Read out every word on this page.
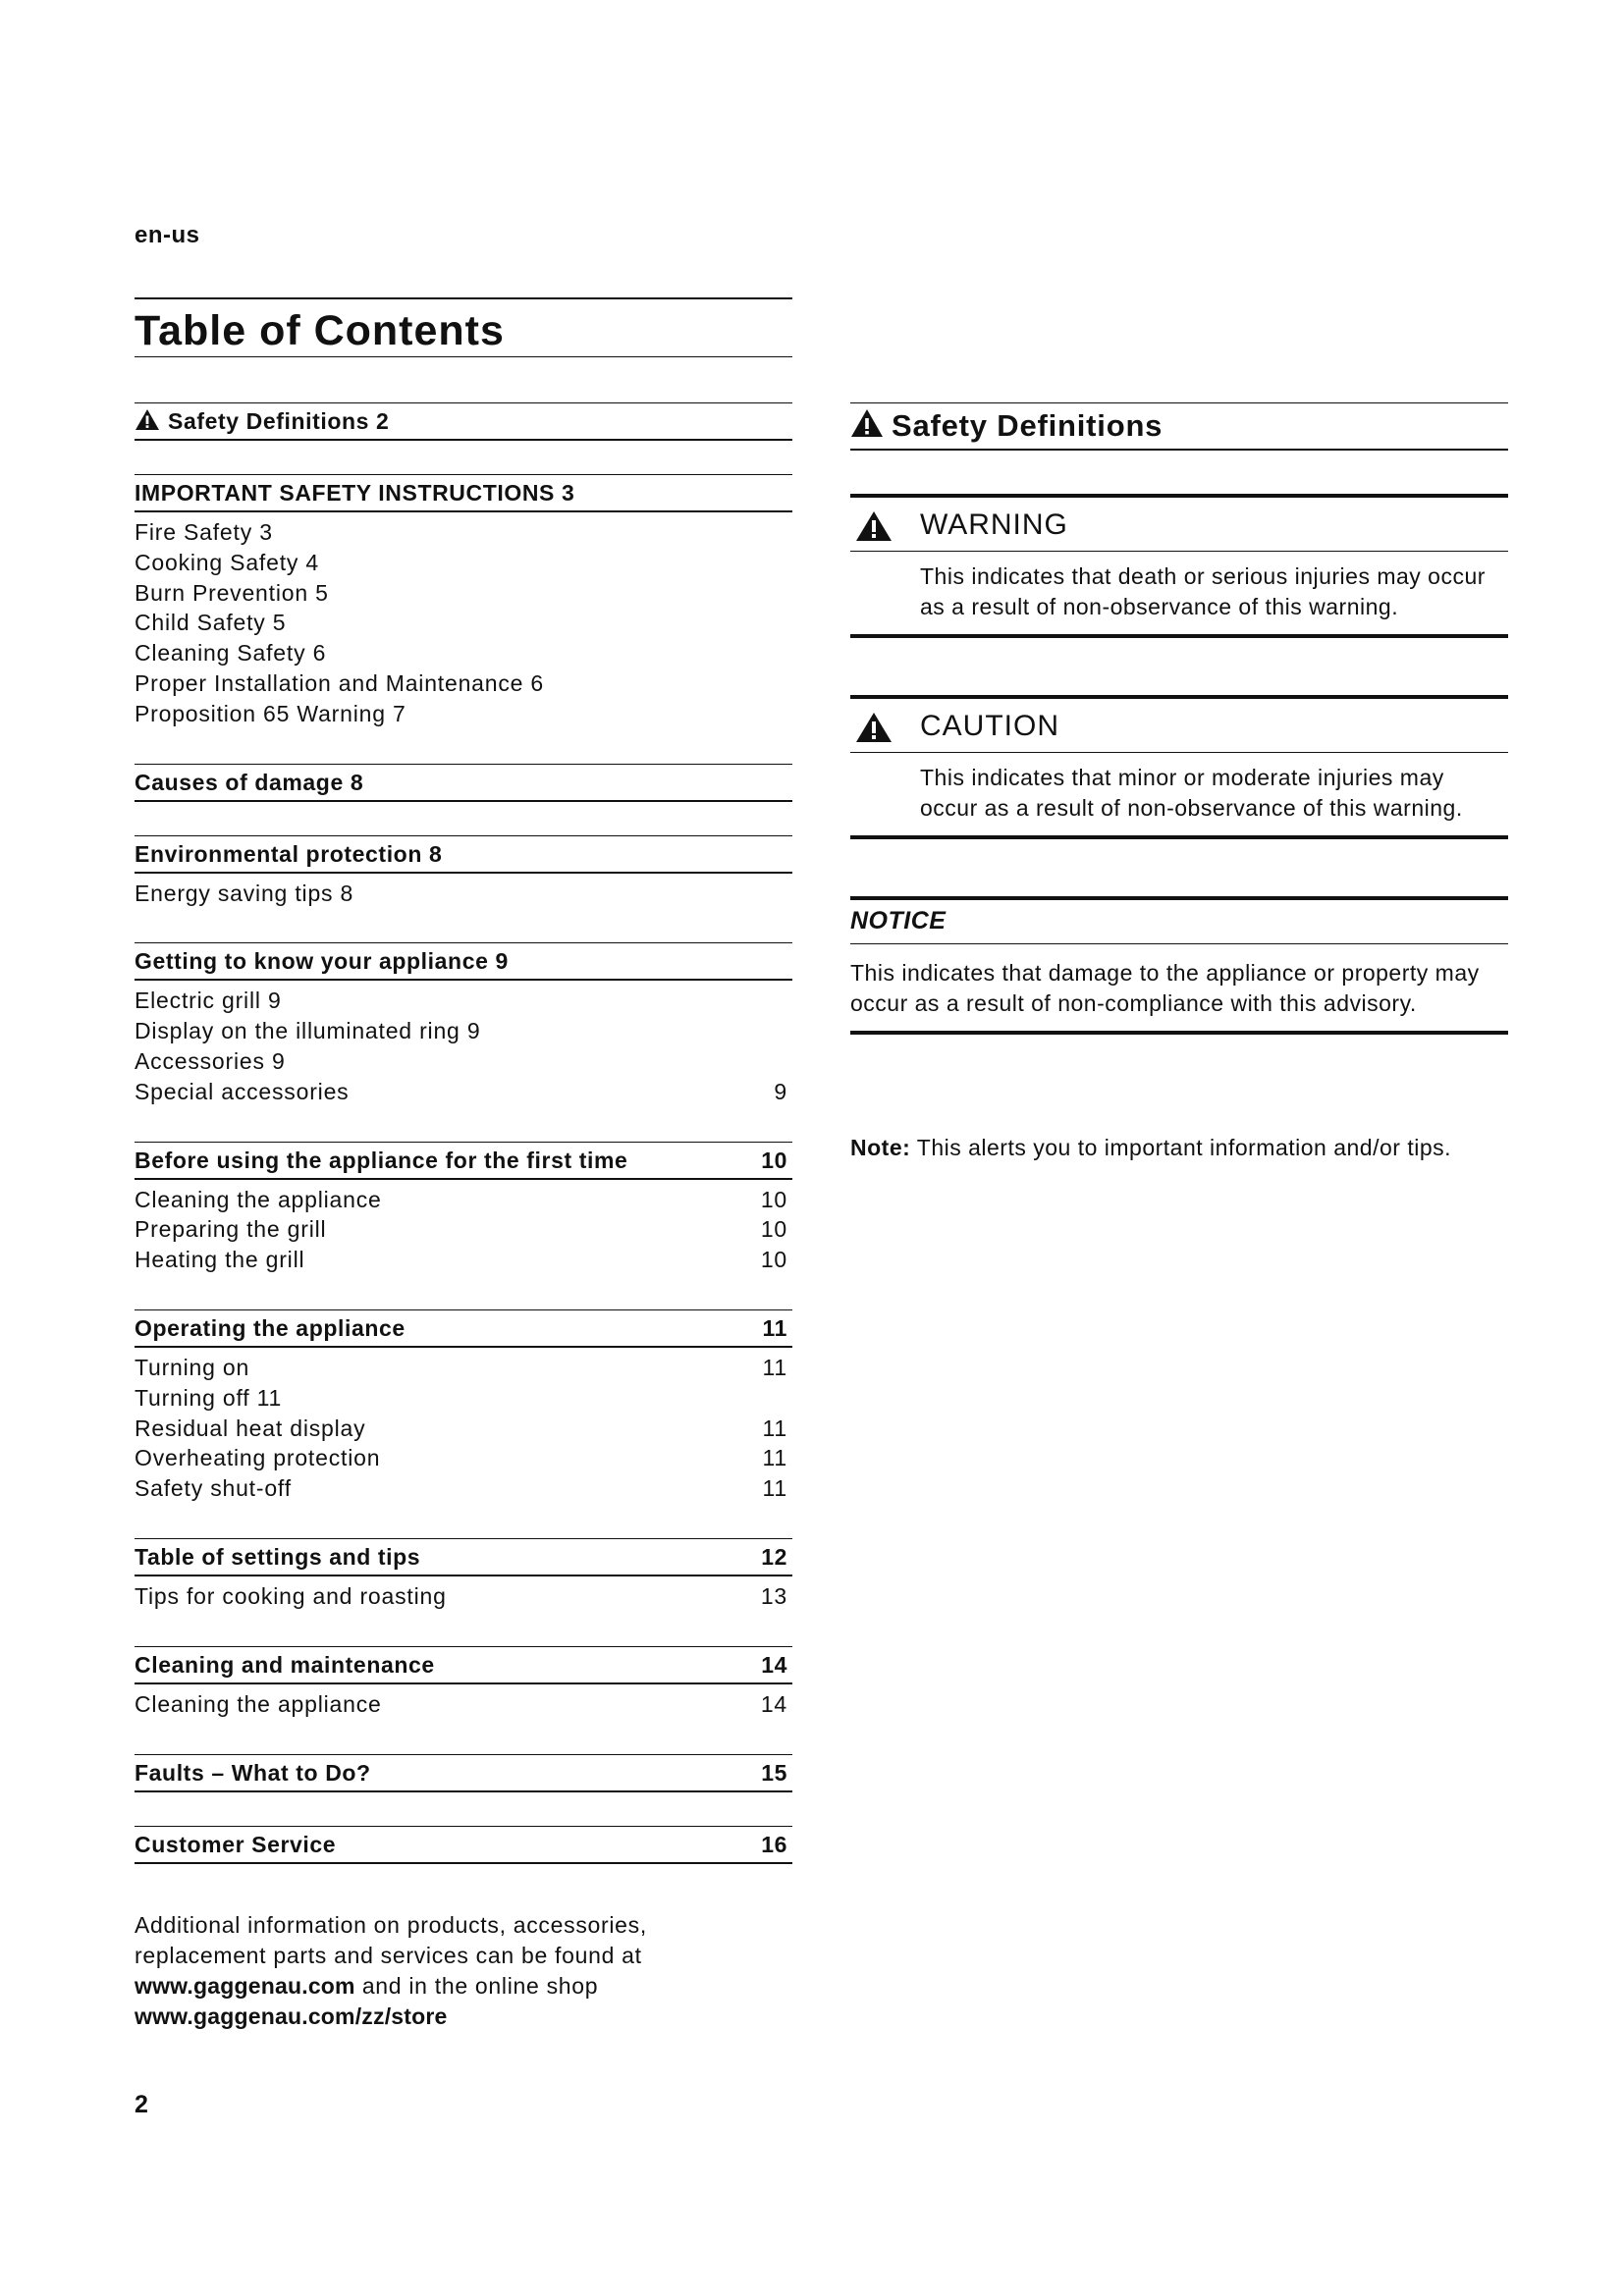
en-us
Table of Contents
Safety Definitions 2
IMPORTANT SAFETY INSTRUCTIONS 3
Fire Safety 3
Cooking Safety 4
Burn Prevention 5
Child Safety 5
Cleaning Safety 6
Proper Installation and Maintenance 6
Proposition 65 Warning 7
Causes of damage 8
Environmental protection 8
Energy saving tips 8
Getting to know your appliance 9
Electric grill 9
Display on the illuminated ring 9
Accessories 9
Special accessories	9
Before using the appliance for the first time	10
Cleaning the appliance	10
Preparing the grill	10
Heating the grill	10
Operating the appliance	11
Turning on	11
Turning off 11
Residual heat display	11
Overheating protection	11
Safety shut-off	11
Table of settings and tips	12
Tips for cooking and roasting	13
Cleaning and maintenance	14
Cleaning the appliance	14
Faults – What to Do?	15
Customer Service	16
Safety Definitions
WARNING
This indicates that death or serious injuries may occur as a result of non-observance of this warning.
CAUTION
This indicates that minor or moderate injuries may occur as a result of non-observance of this warning.
NOTICE
This indicates that damage to the appliance or property may occur as a result of non-compliance with this advisory.
Note: This alerts you to important information and/or tips.
Additional information on products, accessories, replacement parts and services can be found at www.gaggenau.com and in the online shop www.gaggenau.com/zz/store
2
